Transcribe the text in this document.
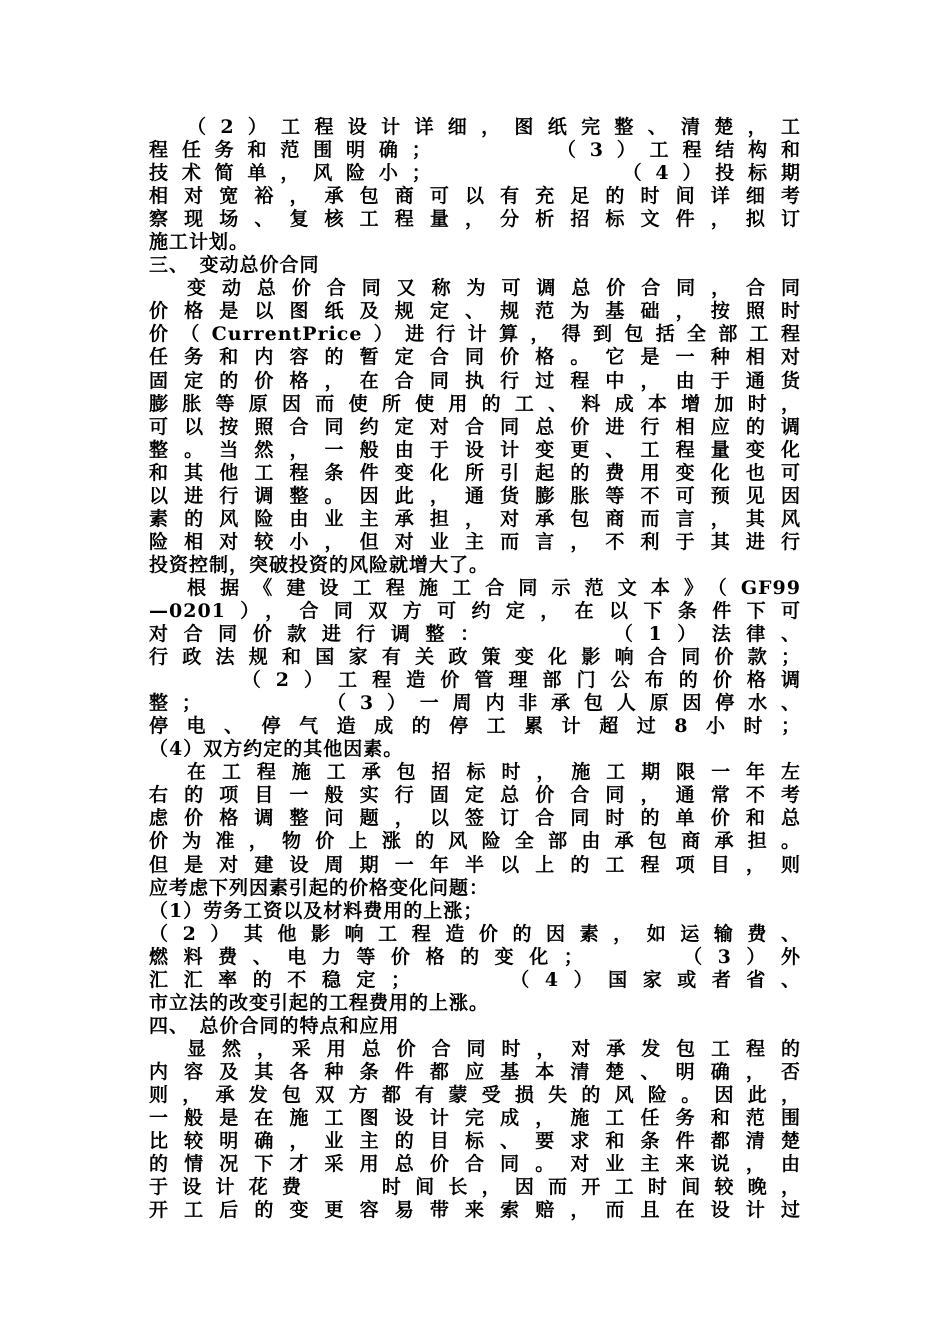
（2）工程设计详细，图纸完整、清楚，工
程任务和范围明确；　　　　（3）工程结构和
技术简单，风险小；　　　　　　（4）投标期
相对宽裕，承包商可以有充足的时间详细考
察现场、复核工程量，分析招标文件，拟订
施工计划。
三、　变动总价合同
变动总价合同又称为可调总价合同，合同
价格是以图纸及规定、规范为基础，按照时
价（CurrentPrice）进行计算，得到包括全部工程
任务和内容的暂定合同价格。它是一种相对
固定的价格，在合同执行过程中，由于通货
膨胀等原因而使所使用的工、料成本增加时，
可以按照合同约定对合同总价进行相应的调
整。当然，一般由于设计变更、工程量变化
和其他工程条件变化所引起的费用变化也可
以进行调整。因此，通货膨胀等不可预见因
素的风险由业主承担，对承包商而言，其风
险相对较小，但对业主而言，不利于其进行
投资控制，突破投资的风险就增大了。
根据《建设工程施工合同示范文本》（GF99
—0201），合同双方可约定，在以下条件下可
对合同价款进行调整：　　　　（1）法律、
行政法规和国家有关政策变化影响合同价款；
　　　（2）工程造价管理部门公布的价格调
整；　　　　（3）一周内非承包人原因停水、
停电、停气造成的停工累计超过8小时；
（4）双方约定的其他因素。
在工程施工承包招标时，施工期限一年左
右的项目一般实行固定总价合同，通常不考
虑价格调整问题，以签订合同时的单价和总
价为准，物价上涨的风险全部由承包商承担。
但是对建设周期一年半以上的工程项目，则
应考虑下列因素引起的价格变化问题：
（1）劳务工资以及材料费用的上涨；
（2）其他影响工程造价的因素，如运输费、
燃料费、电力等价格的变化；　　　（3）外
汇汇率的不稳定；　　　（4）国家或者省、
市立法的改变引起的工程费用的上涨。
四、　总价合同的特点和应用
显然，采用总价合同时，对承发包工程的
内容及其各种条件都应基本清楚、明确，否
则，承发包双方都有蒙受损失的风险。因此，
一般是在施工图设计完成，施工任务和范围
比较明确，业主的目标、要求和条件都清楚
的情况下才采用总价合同。对业主来说，由
于设计花费　　时间长，因而开工时间较晚，
开工后的变更容易带来索赔，而且在设计过
